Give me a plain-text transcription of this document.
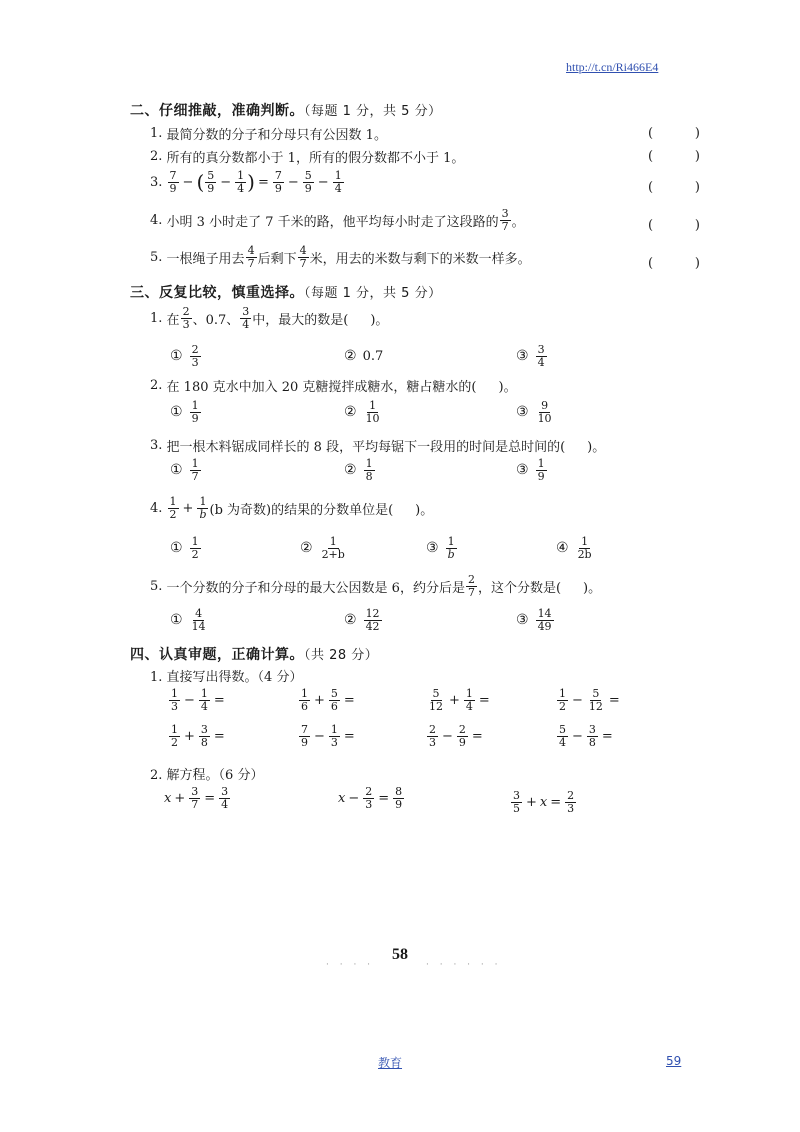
http://t.cn/Ri466E4
二、仔细推敲，准确判断。（每题 1 分，共 5 分）
1.
最简分数的分子和分母只有公因数 1。	(	)
2.
所有的真分数都小于 1，所有的假分数都不小于 1。	(	)
3.
$\frac{7}{9}$ − ( $\frac{5}{9} - \frac{1}{4}$ ) = $\frac{7}{9} - \frac{5}{9} - \frac{1}{4}$	(	)
4.
小明 3 小时走了 7 千米的路，他平均每小时走了这段路的 $\frac{3}{7}$ 。	(	)
5.
一根绳子用去 $\frac{4}{7}$ 后剩下 $\frac{4}{7}$ 米，用去的米数与剩下的米数一样多。	(	)
三、反复比较，慎重选择。（每题 1 分，共 5 分）
1.
在 $\frac{2}{3}$ 、0.7、 $\frac{3}{4}$ 中，最大的数是( )。
① $\frac{2}{3}$	② 0.7	③ $\frac{3}{4}$
2.
在 180 克水中加入 20 克糖搅拌成糖水，糖占糖水的( )。
① $\frac{1}{9}$	② $\frac{1}{10}$	③ $\frac{9}{10}$
3.
把一根木料锯成同样长的 8 段，平均每锯下一段用的时间是总时间的( )。
① $\frac{1}{7}$	② $\frac{1}{8}$	③ $\frac{1}{9}$
4.
$\frac{1}{2} + \frac{1}{b} (b$ 为奇数)的结果的分数单位是( )。
① $\frac{1}{2}$	② $\frac{1}{2+b}$	③ $\frac{1}{b}$	④ $\frac{1}{2b}$
5.
一个分数的分子和分母的最大公因数是 6，约分后是 $\frac{2}{7}$ ，这个分数是( )。
① $\frac{4}{14}$	② $\frac{12}{42}$	③ $\frac{14}{49}$
四、认真审题，正确计算。（共 28 分）
1. 直接写出得数。（4 分）
$\frac{1}{3} - \frac{1}{4}$ =	$\frac{1}{6} + \frac{5}{6}$ =	$\frac{5}{12} + \frac{1}{4}$ =	$\frac{1}{2} - \frac{5}{12}$ =
$\frac{1}{2} + \frac{3}{8}$ =	$\frac{7}{9} - \frac{1}{3}$ =	$\frac{2}{3} - \frac{2}{9}$ =	$\frac{5}{4} - \frac{3}{8}$ =
2. 解方程。（6 分）
$x + \frac{3}{7} = \frac{3}{4}$	$x - \frac{2}{3} = \frac{8}{9}$	$\frac{3}{5} + x = \frac{2}{3}$
· · · ·
58
· · · · · ·
教育	59
